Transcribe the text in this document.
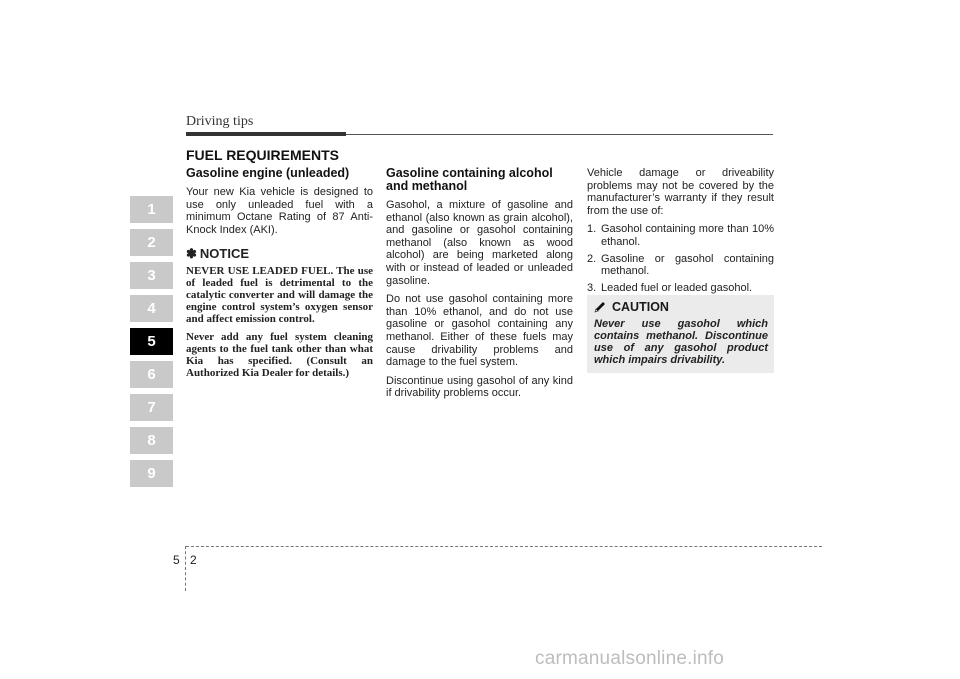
Driving tips
1
2
3
4
5
6
7
8
9
FUEL REQUIREMENTS
Gasoline engine (unleaded)

Your new Kia vehicle is designed to use only unleaded fuel with a minimum Octane Rating of 87 Anti-Knock Index (AKI).

✽ NOTICE

NEVER USE LEADED FUEL. The use of leaded fuel is detrimental to the catalytic converter and will damage the engine control system’s oxygen sensor and affect emission control.

Never add any fuel system cleaning agents to the fuel tank other than what Kia has specified. (Consult an Authorized Kia Dealer for details.)

Gasoline containing alcohol and methanol

Gasohol, a mixture of gasoline and ethanol (also known as grain alcohol), and gasoline or gasohol containing methanol (also known as wood alcohol) are being marketed along with or instead of leaded or unleaded gasoline.

Do not use gasohol containing more than 10% ethanol, and do not use gasoline or gasohol containing any methanol. Either of these fuels may cause drivability problems and damage to the fuel system.

Discontinue using gasohol of any kind if drivability problems occur.

Vehicle damage or driveability problems may not be covered by the manufacturer’s warranty if they result from the use of:

1. Gasohol containing more than 10% ethanol.
2. Gasoline or gasohol containing methanol.
3. Leaded fuel or leaded gasohol.
CAUTION
Never use gasohol which contains methanol. Discontinue use of any gasohol product which impairs drivability.
5 2
carmanualsonline.info
